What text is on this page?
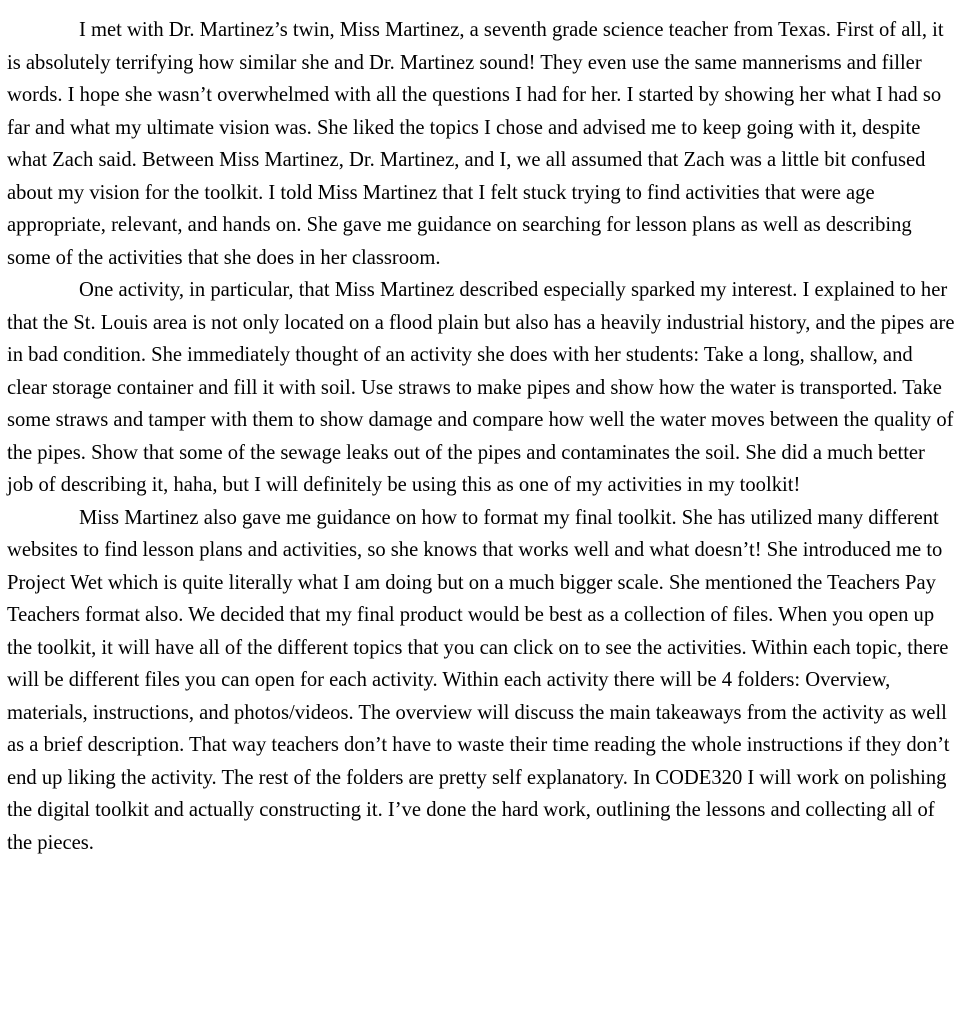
I met with Dr. Martinez’s twin, Miss Martinez, a seventh grade science teacher from Texas. First of all, it is absolutely terrifying how similar she and Dr. Martinez sound! They even use the same mannerisms and filler words. I hope she wasn’t overwhelmed with all the questions I had for her. I started by showing her what I had so far and what my ultimate vision was. She liked the topics I chose and advised me to keep going with it, despite what Zach said. Between Miss Martinez, Dr. Martinez, and I, we all assumed that Zach was a little bit confused about my vision for the toolkit. I told Miss Martinez that I felt stuck trying to find activities that were age appropriate, relevant, and hands on. She gave me guidance on searching for lesson plans as well as describing some of the activities that she does in her classroom.

One activity, in particular, that Miss Martinez described especially sparked my interest. I explained to her that the St. Louis area is not only located on a flood plain but also has a heavily industrial history, and the pipes are in bad condition. She immediately thought of an activity she does with her students: Take a long, shallow, and clear storage container and fill it with soil. Use straws to make pipes and show how the water is transported. Take some straws and tamper with them to show damage and compare how well the water moves between the quality of the pipes. Show that some of the sewage leaks out of the pipes and contaminates the soil. She did a much better job of describing it, haha, but I will definitely be using this as one of my activities in my toolkit!

Miss Martinez also gave me guidance on how to format my final toolkit. She has utilized many different websites to find lesson plans and activities, so she knows that works well and what doesn’t! She introduced me to Project Wet which is quite literally what I am doing but on a much bigger scale. She mentioned the Teachers Pay Teachers format also. We decided that my final product would be best as a collection of files. When you open up the toolkit, it will have all of the different topics that you can click on to see the activities. Within each topic, there will be different files you can open for each activity. Within each activity there will be 4 folders: Overview, materials, instructions, and photos/videos. The overview will discuss the main takeaways from the activity as well as a brief description. That way teachers don’t have to waste their time reading the whole instructions if they don’t end up liking the activity. The rest of the folders are pretty self explanatory. In CODE320 I will work on polishing the digital toolkit and actually constructing it. I’ve done the hard work, outlining the lessons and collecting all of the pieces.
